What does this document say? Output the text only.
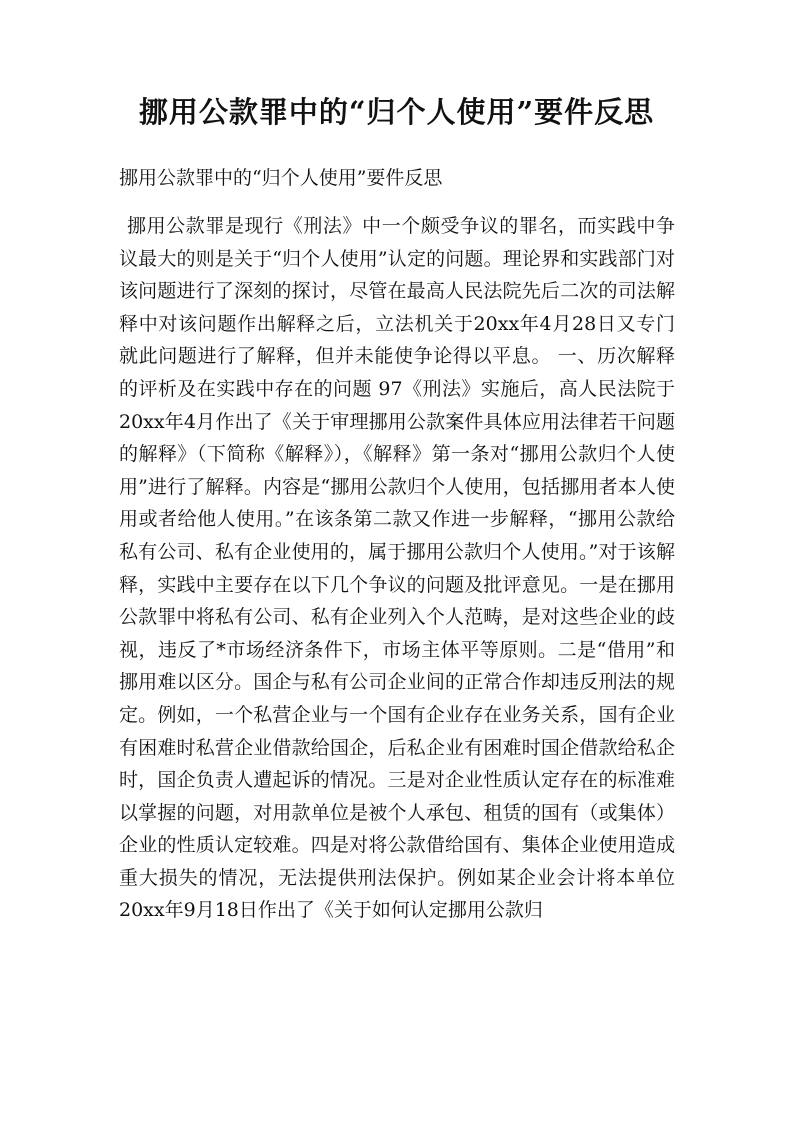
挪用公款罪中的“归个人使用”要件反思

挪用公款罪中的“归个人使用”要件反思

挪用公款罪是现行《刑法》中一个颇受争议的罪名，而实践中争议最大的则是关于“归个人使用”认定的问题。理论界和实践部门对该问题进行了深刻的探讨，尽管在最高人民法院先后二次的司法解释中对该问题作出解释之后，立法机关于20xx年4月28日又专门就此问题进行了解释，但并未能使争论得以平息。 一、历次解释的评析及在实践中存在的问题 97《刑法》实施后，高人民法院于20xx年4月作出了《关于审理挪用公款案件具体应用法律若干问题的解释》（下简称《解释》），《解释》第一条对“挪用公款归个人使用”进行了解释。内容是“挪用公款归个人使用，包括挪用者本人使用或者给他人使用。”在该条第二款又作进一步解释，“挪用公款给私有公司、私有企业使用的，属于挪用公款归个人使用。”对于该解释，实践中主要存在以下几个争议的问题及批评意见。一是在挪用公款罪中将私有公司、私有企业列入个人范畴，是对这些企业的歧视，违反了*市场经济条件下，市场主体平等原则。二是“借用”和挪用难以区分。国企与私有公司企业间的正常合作却违反刑法的规定。例如，一个私营企业与一个国有企业存在业务关系，国有企业有困难时私营企业借款给国企，后私企业有困难时国企借款给私企时，国企负责人遭起诉的情况。三是对企业性质认定存在的标准难以掌握的问题，对用款单位是被个人承包、租赁的国有（或集体）企业的性质认定较难。四是对将公款借给国有、集体企业使用造成重大损失的情况，无法提供刑法保护。例如某企业会计将本单位20xx年9月18日作出了《关于如何认定挪用公款归
